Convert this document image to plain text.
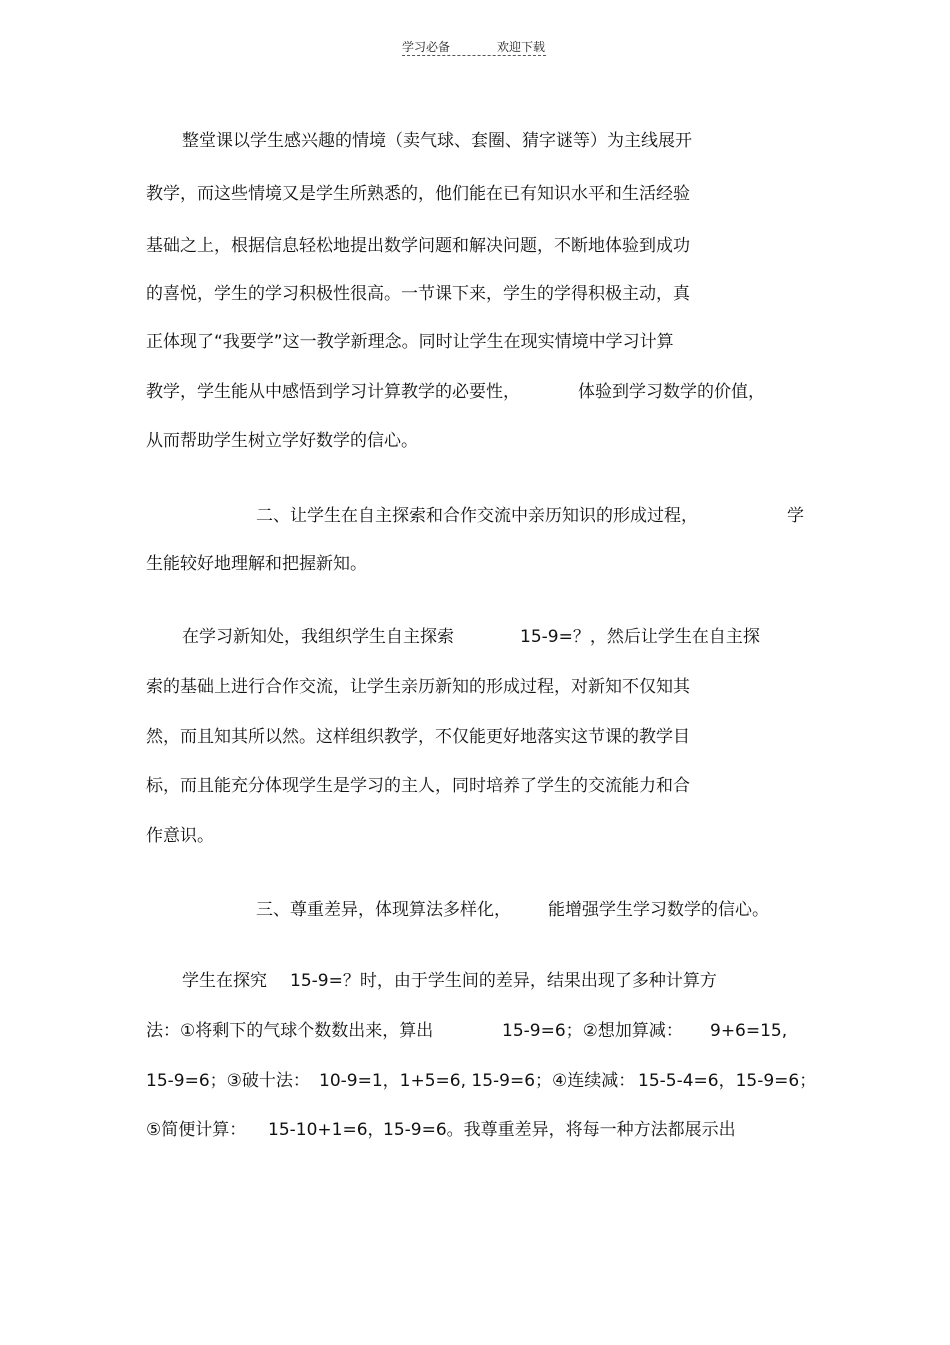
学习必备	欢迎下载
整堂课以学生感兴趣的情境（卖气球、套圈、猜字谜等）为主线展开
教学，而这些情境又是学生所熟悉的，他们能在已有知识水平和生活经验
基础之上，根据信息轻松地提出数学问题和解决问题，不断地体验到成功
的喜悦，学生的学习积极性很高。一节课下来，学生的学得积极主动，真
正体现了“我要学”这一教学新理念。同时让学生在现实情境中学习计算
教学，学生能从中感悟到学习计算教学的必要性，	体验到学习数学的价值，
从而帮助学生树立学好数学的信心。
二、让学生在自主探索和合作交流中亲历知识的形成过程，	学
生能较好地理解和把握新知。
在学习新知处，我组织学生自主探索	15-9=？，然后让学生在自主探
索的基础上进行合作交流，让学生亲历新知的形成过程，对新知不仅知其
然，而且知其所以然。这样组织教学，不仅能更好地落实这节课的教学目
标，而且能充分体现学生是学习的主人，同时培养了学生的交流能力和合
作意识。
三、尊重差异，体现算法多样化， 能增强学生学习数学的信心。
学生在探究 15-9=？时，由于学生间的差异，结果出现了多种计算方
法：①将剩下的气球个数数出来，算出	15-9=6；②想加算减： 9+6=15,
15-9=6；③破十法： 10-9=1，1+5=6, 15-9=6；④连续减： 15-5-4=6，15-9=6；
⑤简便计算： 15-10+1=6，
15-9=6。我尊重差异，将每一种方法都展示出
